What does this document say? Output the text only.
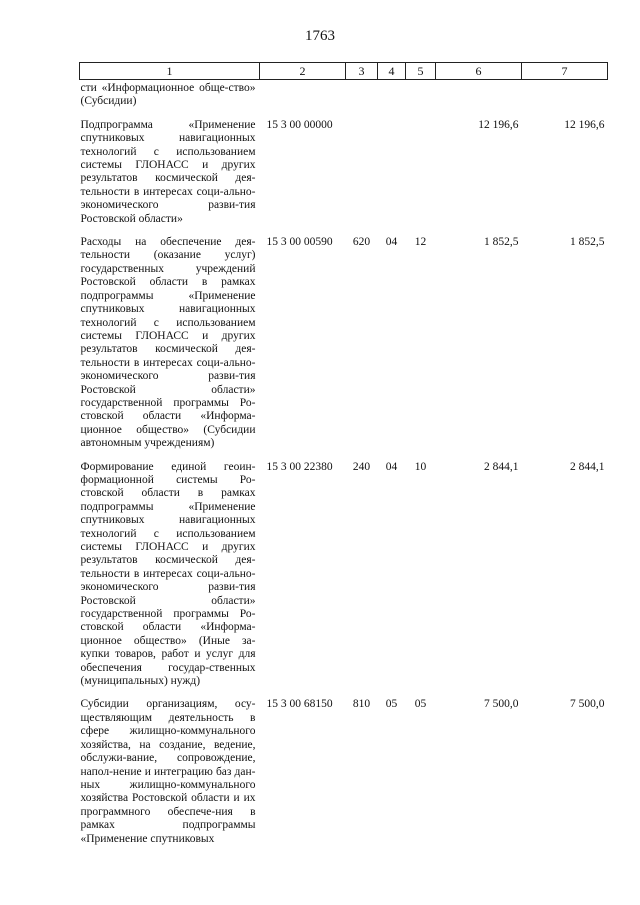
1763
1	2	3	4	5	6	7
сти «Информационное обще-ство» (Субсидии)						
Подпрограмма «Применение спутниковых навигационных технологий с использованием системы ГЛОНАСС и других результатов космической дея-тельности в интересах соци-ально-экономического разви-тия Ростовской области»	15 3 00 00000				12 196,6	12 196,6
Расходы на обеспечение дея-тельности (оказание услуг) государственных учреждений Ростовской области в рамках подпрограммы «Применение спутниковых навигационных технологий с использованием системы ГЛОНАСС и других результатов космической дея-тельности в интересах соци-ально-экономического разви-тия Ростовской области» государственной программы Ро-стовской области «Информа-ционное общество» (Субсидии автономным учреждениям)	15 3 00 00590	620	04	12	1 852,5	1 852,5
Формирование единой геоин-формационной системы Ро-стовской области в рамках подпрограммы «Применение спутниковых навигационных технологий с использованием системы ГЛОНАСС и других результатов космической дея-тельности в интересах соци-ально-экономического разви-тия Ростовской области» государственной программы Ро-стовской области «Информа-ционное общество» (Иные за-купки товаров, работ и услуг для обеспечения государ-ственных (муниципальных) нужд)	15 3 00 22380	240	04	10	2 844,1	2 844,1
Субсидии организациям, осу-ществляющим деятельность в сфере жилищно-коммунального хозяйства, на создание, ведение, обслужи-вание, сопровождение, напол-нение и интеграцию баз дан-ных жилищно-коммунального хозяйства Ростовской области и их программного обеспече-ния в рамках подпрограммы «Применение спутниковых	15 3 00 68150	810	05	05	7 500,0	7 500,0
